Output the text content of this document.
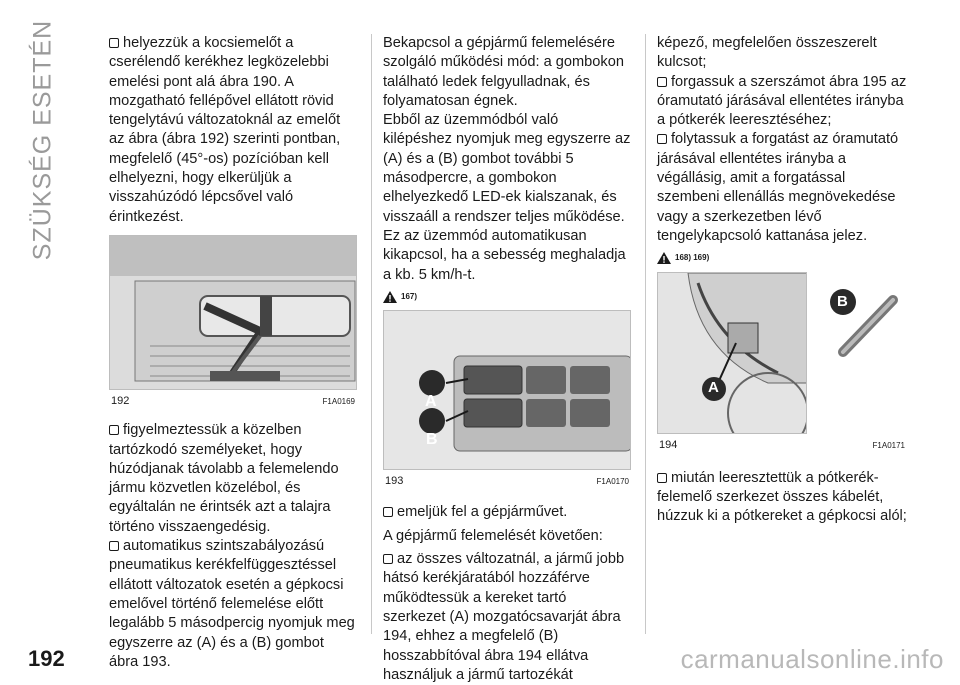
SZÜKSÉG ESETÉN	helyezzük a kocsiemelőt a cserélendő kerékhez legközelebbi emelési pont alá ábra 190. A mozgatható fellépővel ellátott rövid tengelytávú változatoknál az emelőt az ábra (ábra 192) szerinti pontban, megfelelő (45°-os) pozícióban kell elhelyezni, hogy elkerüljük a visszahúzódó lépcsővel való érintkezést.

192	F1A0169

figyelmeztessük a közelben tartózkodó személyeket, hogy húzódjanak távolabb a felemelendo jármu közvetlen közelébol, és egyáltalán ne érintsék azt a talajra történo visszaengedésig.

automatikus szintszabályozású pneumatikus kerékfelfüggesztéssel ellátott változatok esetén a gépkocsi emelővel történő felemelése előtt legalább 5 másodpercig nyomjuk meg egyszerre az (A) és a (B) gombot ábra 193.

Bekapcsol a gépjármű felemelésére szolgáló működési mód: a gombokon található ledek felgyulladnak, és folyamatosan égnek.

Ebből az üzemmódból való kilépéshez nyomjuk meg egyszerre az (A) és a (B) gombot további 5 másodpercre, a gombokon elhelyezkedő LED-ek kialszanak, és visszaáll a rendszer teljes működése. Ez az üzemmód automatikusan kikapcsol, ha a sebesség meghaladja a kb. 5 km/h-t.

167)
A
B
193	F1A0170

emeljük fel a gépjárművet.

A gépjármű felemelését követően:

az összes változatnál, a jármű jobb hátsó kerékjáratából hozzáférve működtessük a kereket tartó szerkezet (A) mozgatócsavarját ábra 194, ehhez a megfelelő (B) hosszabbítóval ábra 194 ellátva használjuk a jármű tartozékát

képező, megfelelően összeszerelt kulcsot;

forgassuk a szerszámot ábra 195 az óramutató járásával ellentétes irányba a pótkerék leeresztéséhez;

folytassuk a forgatást az óramutató járásával ellentétes irányba a végállásig, amit a forgatással szembeni ellenállás megnövekedése vagy a szerkezetben lévő tengelykapcsoló kattanása jelez.

168) 169)
A
B
194	F1A0171

miután leeresztettük a pótkerék-felemelő szerkezet összes kábelét, húzzuk ki a pótkereket a gépkocsi alól;

192	carmanualsonline.info
